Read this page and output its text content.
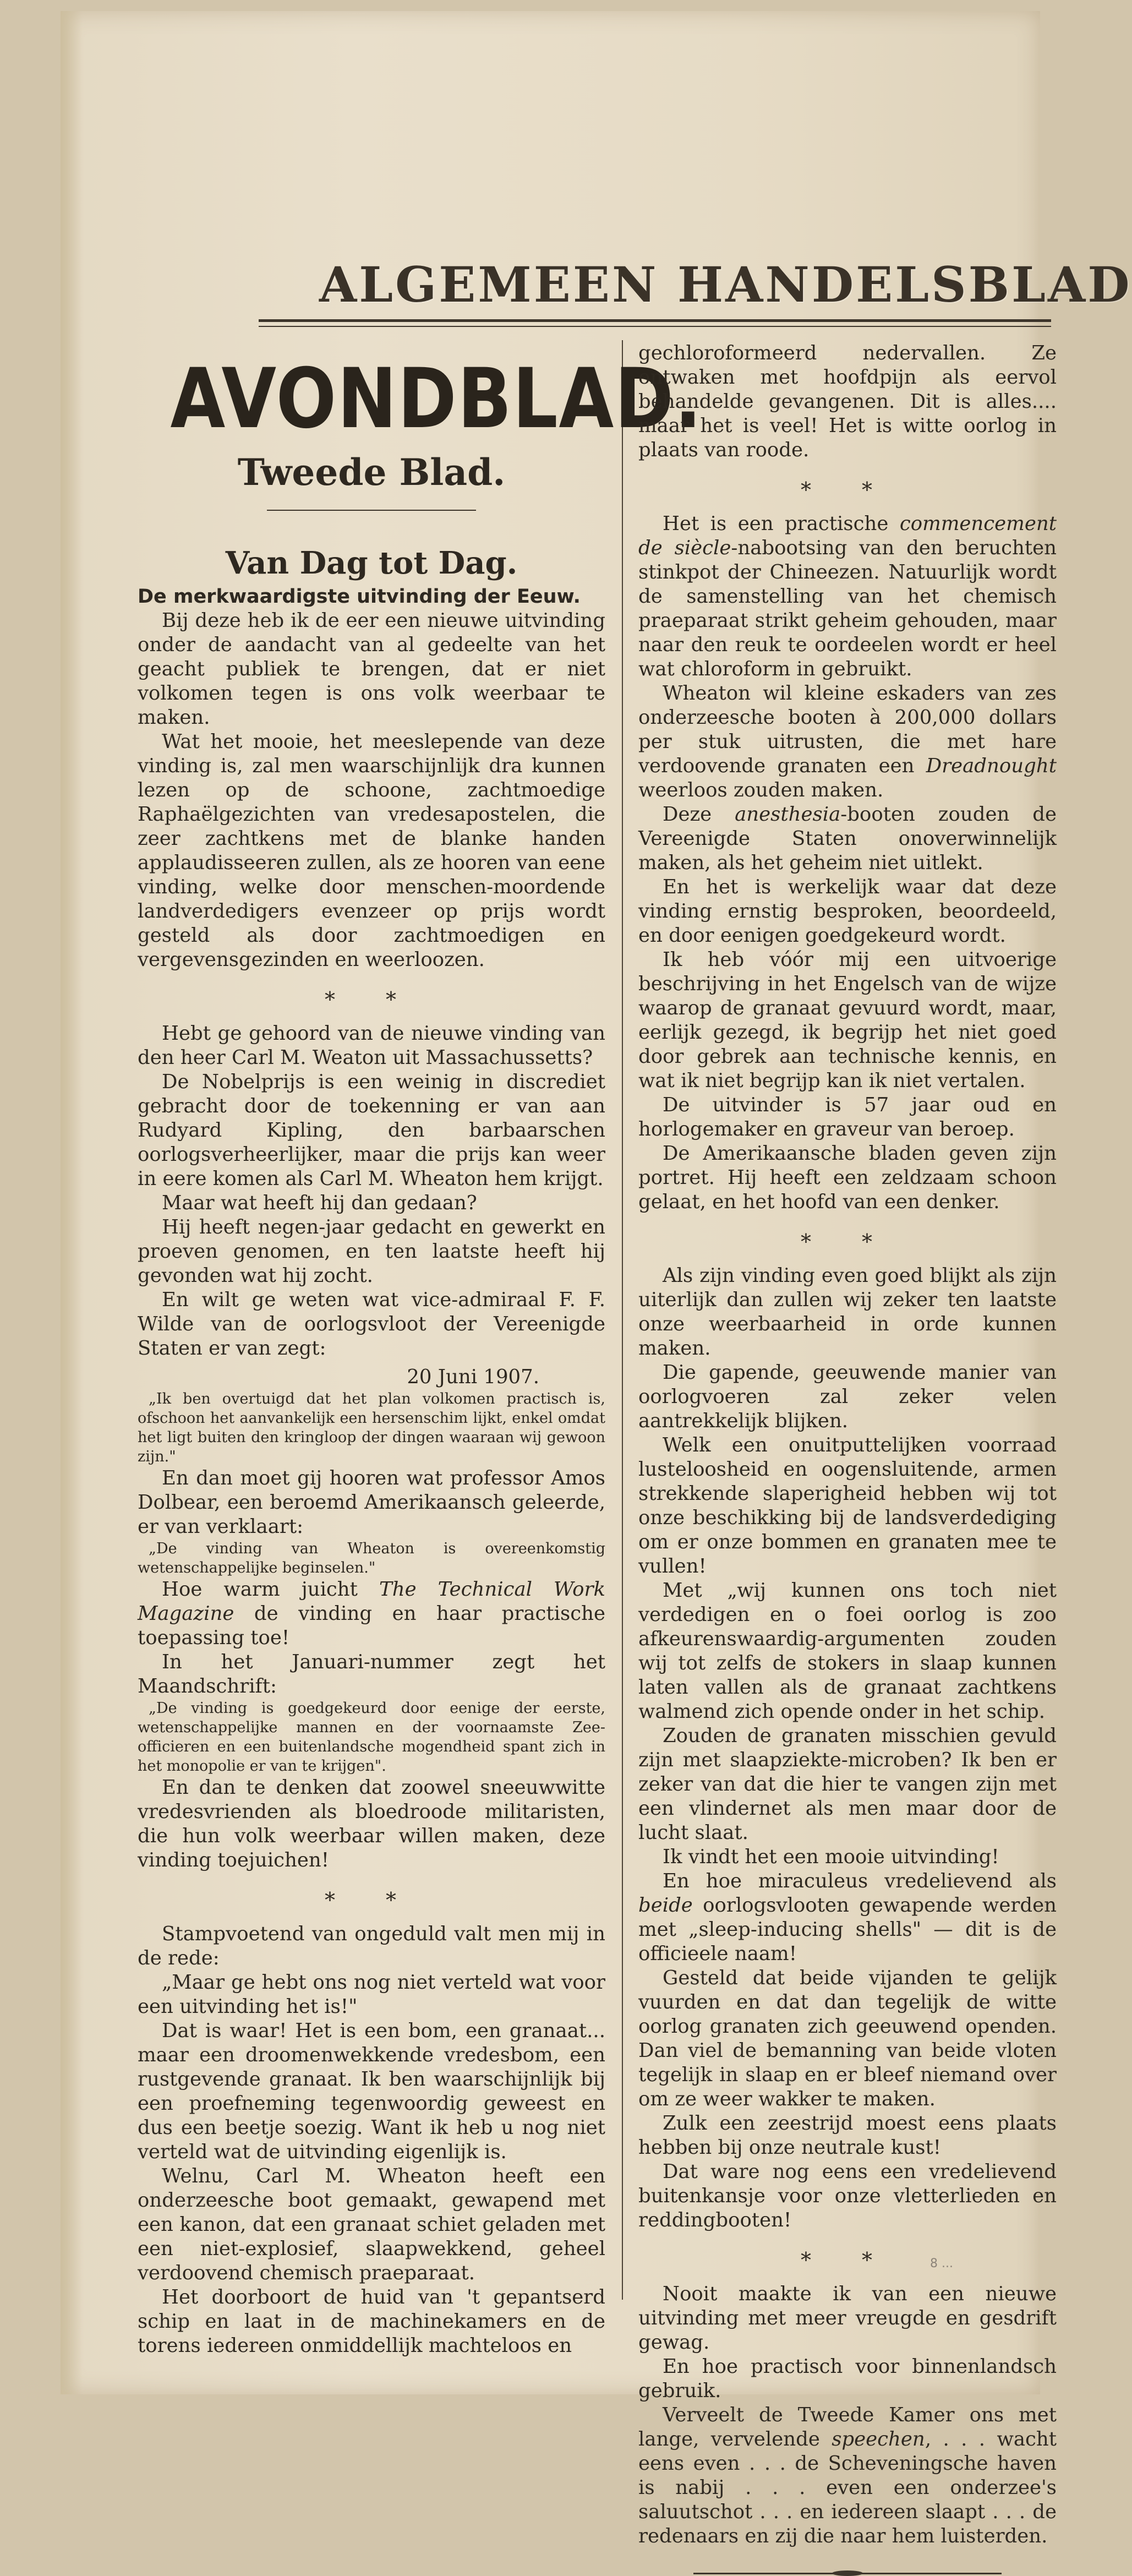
ALGEMEEN HANDELSBLAD
AVONDBLAD.
Tweede Blad.
Van Dag tot Dag.
De merkwaardigste uitvinding der Eeuw.

Bij deze heb ik de eer een nieuwe uitvinding onder de aandacht van al gedeelte van het geacht publiek te brengen, dat er niet volkomen tegen is ons volk weerbaar te maken.

Wat het mooie, het meeslepende van deze vinding is, zal men waarschijnlijk dra kunnen lezen op de schoone, zachtmoedige Raphaëlgezichten van vredesapostelen, die zeer zachtkens met de blanke handen applaudisseeren zullen, als ze hooren van eene vinding, welke door menschen-moordende landverdedigers evenzeer op prijs wordt gesteld als door zachtmoedigen en vergevensgezinden en weerloozen.

* *

Hebt ge gehoord van de nieuwe vinding van den heer Carl M. Weaton uit Massachussetts?

De Nobelprijs is een weinig in discrediet gebracht door de toekenning er van aan Rudyard Kipling, den barbaarschen oorlogsverheerlijker, maar die prijs kan weer in eere komen als Carl M. Wheaton hem krijgt.

Maar wat heeft hij dan gedaan?

Hij heeft negen-jaar gedacht en gewerkt en proeven genomen, en ten laatste heeft hij gevonden wat hij zocht.

En wilt ge weten wat vice-admiraal F. F. Wilde van de oorlogsvloot der Vereenigde Staten er van zegt:

20 Juni 1907.

„Ik ben overtuigd dat het plan volkomen practisch is, ofschoon het aanvankelijk een hersenschim lijkt, enkel omdat het ligt buiten den kringloop der dingen waaraan wij gewoon zijn."

En dan moet gij hooren wat professor Amos Dolbear, een beroemd Amerikaansch geleerde, er van verklaart:

„De vinding van Wheaton is overeenkomstig wetenschappelijke beginselen."

Hoe warm juicht The Technical Work Magazine de vinding en haar practische toepassing toe!

In het Januari-nummer zegt het Maandschrift:

„De vinding is goedgekeurd door eenige der eerste, wetenschappelijke mannen en der voornaamste Zee-officieren en een buitenlandsche mogendheid spant zich in het monopolie er van te krijgen".

En dan te denken dat zoowel sneeuwwitte vredesvrienden als bloedroode militaristen, die hun volk weerbaar willen maken, deze vinding toejuichen!

* *

Stampvoetend van ongeduld valt men mij in de rede:

„Maar ge hebt ons nog niet verteld wat voor een uitvinding het is!"

Dat is waar! Het is een bom, een granaat... maar een droomenwekkende vredesbom, een rustgevende granaat. Ik ben waarschijnlijk bij een proefneming tegenwoordig geweest en dus een beetje soezig. Want ik heb u nog niet verteld wat de uitvinding eigenlijk is.

Welnu, Carl M. Wheaton heeft een onderzeesche boot gemaakt, gewapend met een kanon, dat een granaat schiet geladen met een niet-explosief, slaapwekkend, geheel verdoovend chemisch praeparaat.

Het doorboort de huid van 't gepantserd schip en laat in de machinekamers en de torens iedereen onmiddellijk machteloos en

gechloroformeerd nedervallen. Ze ontwaken met hoofdpijn als eervol behandelde gevangenen. Dit is alles.... maar het is veel! Het is witte oorlog in plaats van roode.

* *

Het is een practische commencement de siècle-nabootsing van den beruchten stinkpot der Chineezen. Natuurlijk wordt de samenstelling van het chemisch praeparaat strikt geheim gehouden, maar naar den reuk te oordeelen wordt er heel wat chloroform in gebruikt.

Wheaton wil kleine eskaders van zes onderzeesche booten à 200,000 dollars per stuk uitrusten, die met hare verdoovende granaten een Dreadnought weerloos zouden maken.

Deze anesthesia-booten zouden de Vereenigde Staten onoverwinnelijk maken, als het geheim niet uitlekt.

En het is werkelijk waar dat deze vinding ernstig besproken, beoordeeld, en door eenigen goedgekeurd wordt.

Ik heb vóór mij een uitvoerige beschrijving in het Engelsch van de wijze waarop de granaat gevuurd wordt, maar, eerlijk gezegd, ik begrijp het niet goed door gebrek aan technische kennis, en wat ik niet begrijp kan ik niet vertalen.

De uitvinder is 57 jaar oud en horlogemaker en graveur van beroep.

De Amerikaansche bladen geven zijn portret. Hij heeft een zeldzaam schoon gelaat, en het hoofd van een denker.

* *

Als zijn vinding even goed blijkt als zijn uiterlijk dan zullen wij zeker ten laatste onze weerbaarheid in orde kunnen maken.

Die gapende, geeuwende manier van oorlogvoeren zal zeker velen aantrekkelijk blijken.

Welk een onuitputtelijken voorraad lusteloosheid en oogensluitende, armen strekkende slaperigheid hebben wij tot onze beschikking bij de landsverdediging om er onze bommen en granaten mee te vullen!

Met „wij kunnen ons toch niet verdedigen en o foei oorlog is zoo afkeurenswaardig-argumenten zouden wij tot zelfs de stokers in slaap kunnen laten vallen als de granaat zachtkens walmend zich opende onder in het schip.

Zouden de granaten misschien gevuld zijn met slaapziekte-microben? Ik ben er zeker van dat die hier te vangen zijn met een vlindernet als men maar door de lucht slaat.

Ik vindt het een mooie uitvinding!

En hoe miraculeus vredelievend als beide oorlogsvlooten gewapende werden met „sleep-inducing shells" — dit is de officieele naam!

Gesteld dat beide vijanden te gelijk vuurden en dat dan tegelijk de witte oorlog granaten zich geeuwend openden. Dan viel de bemanning van beide vloten tegelijk in slaap en er bleef niemand over om ze weer wakker te maken.

Zulk een zeestrijd moest eens plaats hebben bij onze neutrale kust!

Dat ware nog eens een vredelievend buitenkansje voor onze vletterlieden en reddingbooten!

* *

Nooit maakte ik van een nieuwe uitvinding met meer vreugde en gesdrift gewag.

En hoe practisch voor binnenlandsch gebruik.

Verveelt de Tweede Kamer ons met lange, vervelende speechen, . . . wacht eens even . . . de Scheveningsche haven is nabij . . . even een onderzee's saluutschot . . . en iedereen slaapt . . . de redenaars en zij die naar hem luisterden.

8 ...
